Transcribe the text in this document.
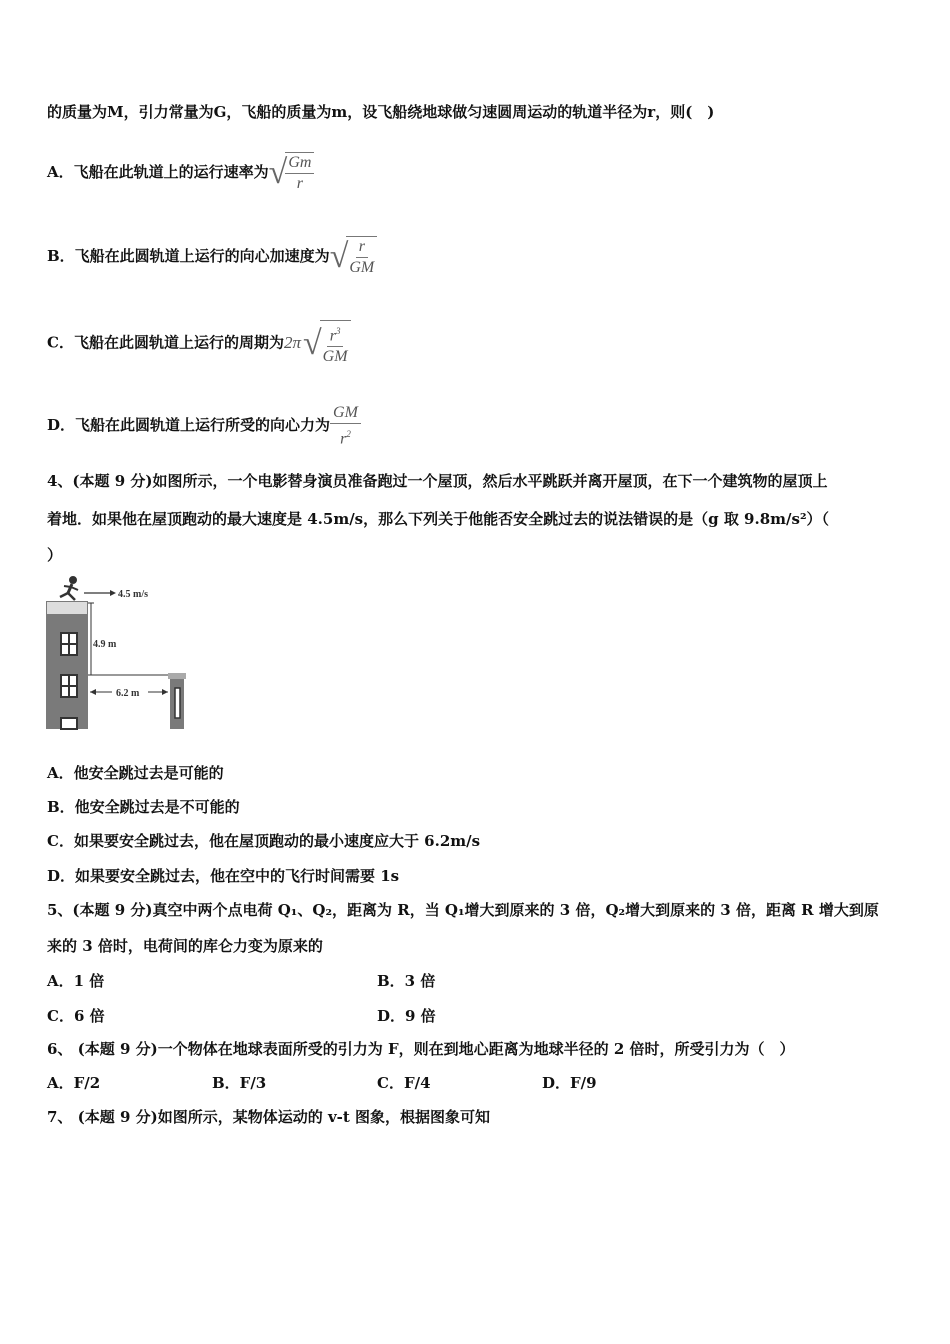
的质量为M，引力常量为G，飞船的质量为m，设飞船绕地球做匀速圆周运动的轨道半径为r，则(　)
A．飞船在此轨道上的运行速率为 √
$\frac{Gm}{r}$
B．飞船在此圆轨道上运行的向心加速度为 √
$\frac{r}{GM}$
C．飞船在此圆轨道上运行的周期为2π √
$\frac{r^3}{GM}$
D．飞船在此圆轨道上运行所受的向心力为 $\frac{GM}{r^2}$
4、(本题 9 分)如图所示，一个电影替身演员准备跑过一个屋顶，然后水平跳跃并离开屋顶，在下一个建筑物的屋顶上
着地．如果他在屋顶跑动的最大速度是 4.5m/s，那么下列关于他能否安全跳过去的说法错误的是（g 取 9.8m/s²）（
）
4.5 m/s
4.9 m
6.2 m
A．他安全跳过去是可能的
B．他安全跳过去是不可能的
C．如果要安全跳过去，他在屋顶跑动的最小速度应大于 6.2m/s
D．如果要安全跳过去，他在空中的飞行时间需要 1s
5、(本题 9 分)真空中两个点电荷 Q₁、Q₂，距离为 R，当 Q₁增大到原来的 3 倍，Q₂增大到原来的 3 倍，距离 R 增大到原
来的 3 倍时，电荷间的库仑力变为原来的
A．1 倍	B．3 倍
C．6 倍	D．9 倍
6、 (本题 9 分)一个物体在地球表面所受的引力为 F，则在到地心距离为地球半径的 2 倍时，所受引力为（　）
A．F/2	B．F/3	C．F/4	D．F/9
7、 (本题 9 分)如图所示，某物体运动的 v-t 图象，根据图象可知
